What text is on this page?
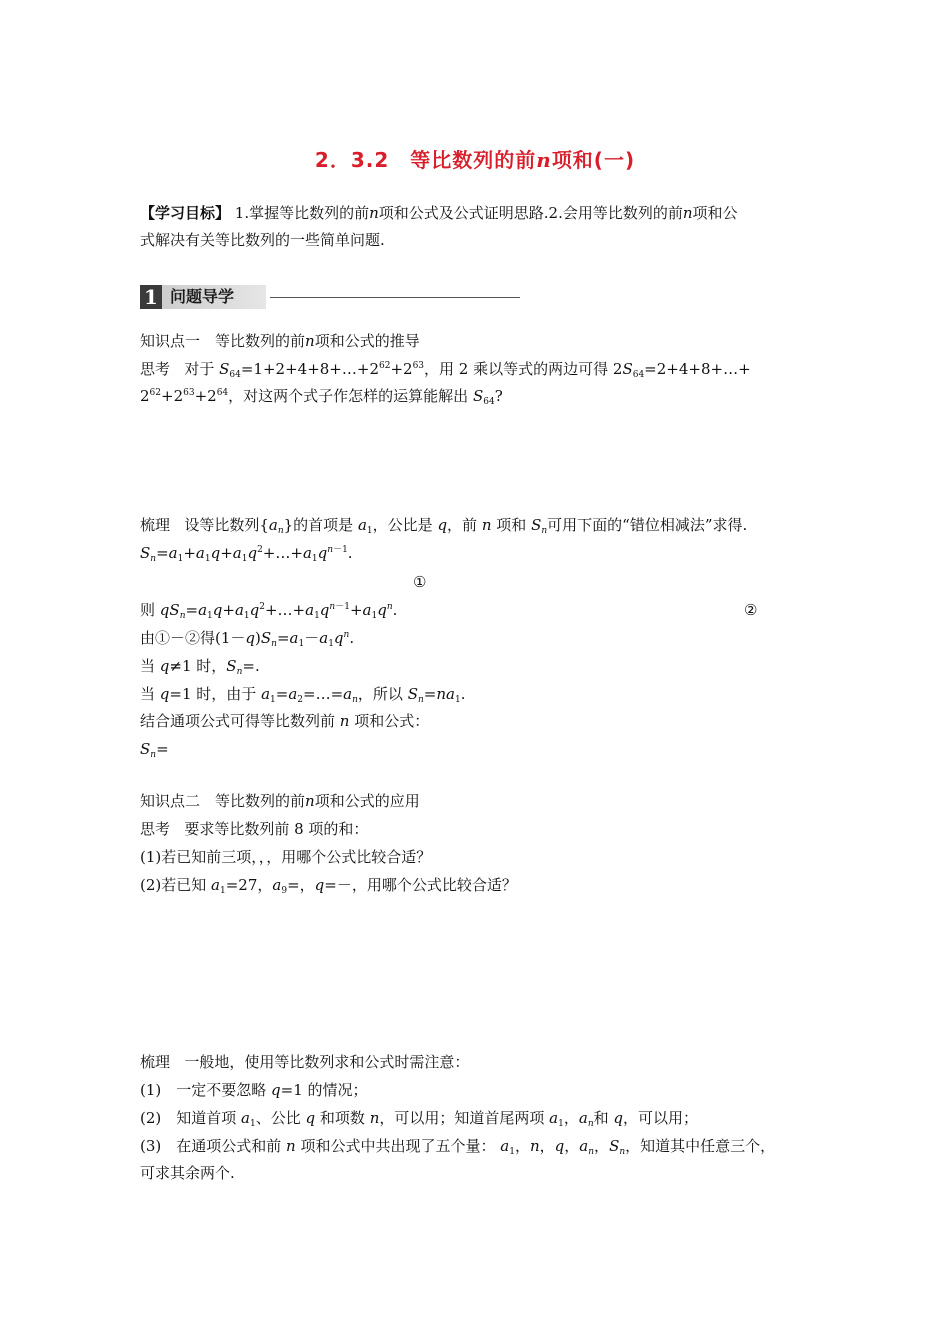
2．3.2　等比数列的前n项和(一)
【学习目标】 1.掌握等比数列的前n项和公式及公式证明思路.2.会用等比数列的前n项和公
式解决有关等比数列的一些简单问题.
1 问题导学
知识点一　等比数列的前n项和公式的推导
思考 对于 $S_{64}=1+2+4+8+\dots+2^{62}+2^{63}$，用 2 乘以等式的两边可得 $2S_{64}=2+4+8+\dots+$
$2^{62}+2^{63}+2^{64}$，对这两个式子作怎样的运算能解出 $S_{64}$?
梳理 设等比数列$\{a_n\}$的首项是 $a_1$，公比是 q，前 n 项和 $S_n$可用下面的“错位相减法”求得.
$S_n=a_1+a_1q+a_1q^2+\dots+a_1q^{n-1}$.
①
则 $qS_n=a_1q+a_1q^2+\dots+a_1q^{n-1}+a_1q^n$.	②
由①－②得$(1-q)S_n=a_1-a_1q^n$.
当 q≠1 时，$S_n=$.
当 q=1 时，由于 $a_1=a_2=\dots=a_n$，所以 $S_n=na_1$.
结合通项公式可得等比数列前 n 项和公式：
$S_n=$
知识点二　等比数列的前n项和公式的应用
思考 要求等比数列前 8 项的和：
(1)若已知前三项，，，用哪个公式比较合适？
(2)若已知 $a_1=27$，$a_9=$，q=－，用哪个公式比较合适？
梳理 一般地，使用等比数列求和公式时需注意：
(1)　一定不要忽略 q=1 的情况；
(2)　知道首项 $a_1$、公比 q 和项数 n，可以用；知道首尾两项 $a_1$，$a_n$和 q，可以用；
(3)　在通项公式和前 n 项和公式中共出现了五个量： $a_1$，n，q，$a_n$，$S_n$，知道其中任意三个，
可求其余两个.
